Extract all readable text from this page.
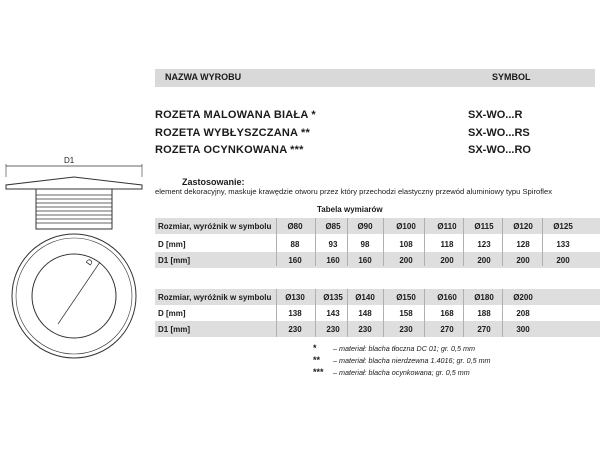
NAZWA WYROBU	SYMBOL
ROZETA MALOWANA BIAŁA *	SX-WO...R
ROZETA WYBŁYSZCZANA **	SX-WO...RS
ROZETA OCYNKOWANA ***	SX-WO...RO
Zastosowanie:
element dekoracyjny, maskuje krawędzie otworu przez który przechodzi elastyczny przewód aluminiowy typu Spiroflex
D1
D
Tabela wymiarów
Rozmiar, wyróżnik w symbolu	Ø80	Ø85	Ø90	Ø100	Ø110	Ø115	Ø120	Ø125
D [mm]	88	93	98	108	118	123	128	133
D1 [mm]	160	160	160	200	200	200	200	200
Rozmiar, wyróżnik w symbolu	Ø130	Ø135	Ø140	Ø150	Ø160	Ø180	Ø200
D [mm]	138	143	148	158	168	188	208
D1 [mm]	230	230	230	230	270	270	300
* – materiał: blacha tłoczna DC 01; gr. 0,5 mm
** – materiał: blacha nierdzewna 1.4016; gr. 0,5 mm
*** – materiał: blacha ocynkowana; gr. 0,5 mm
